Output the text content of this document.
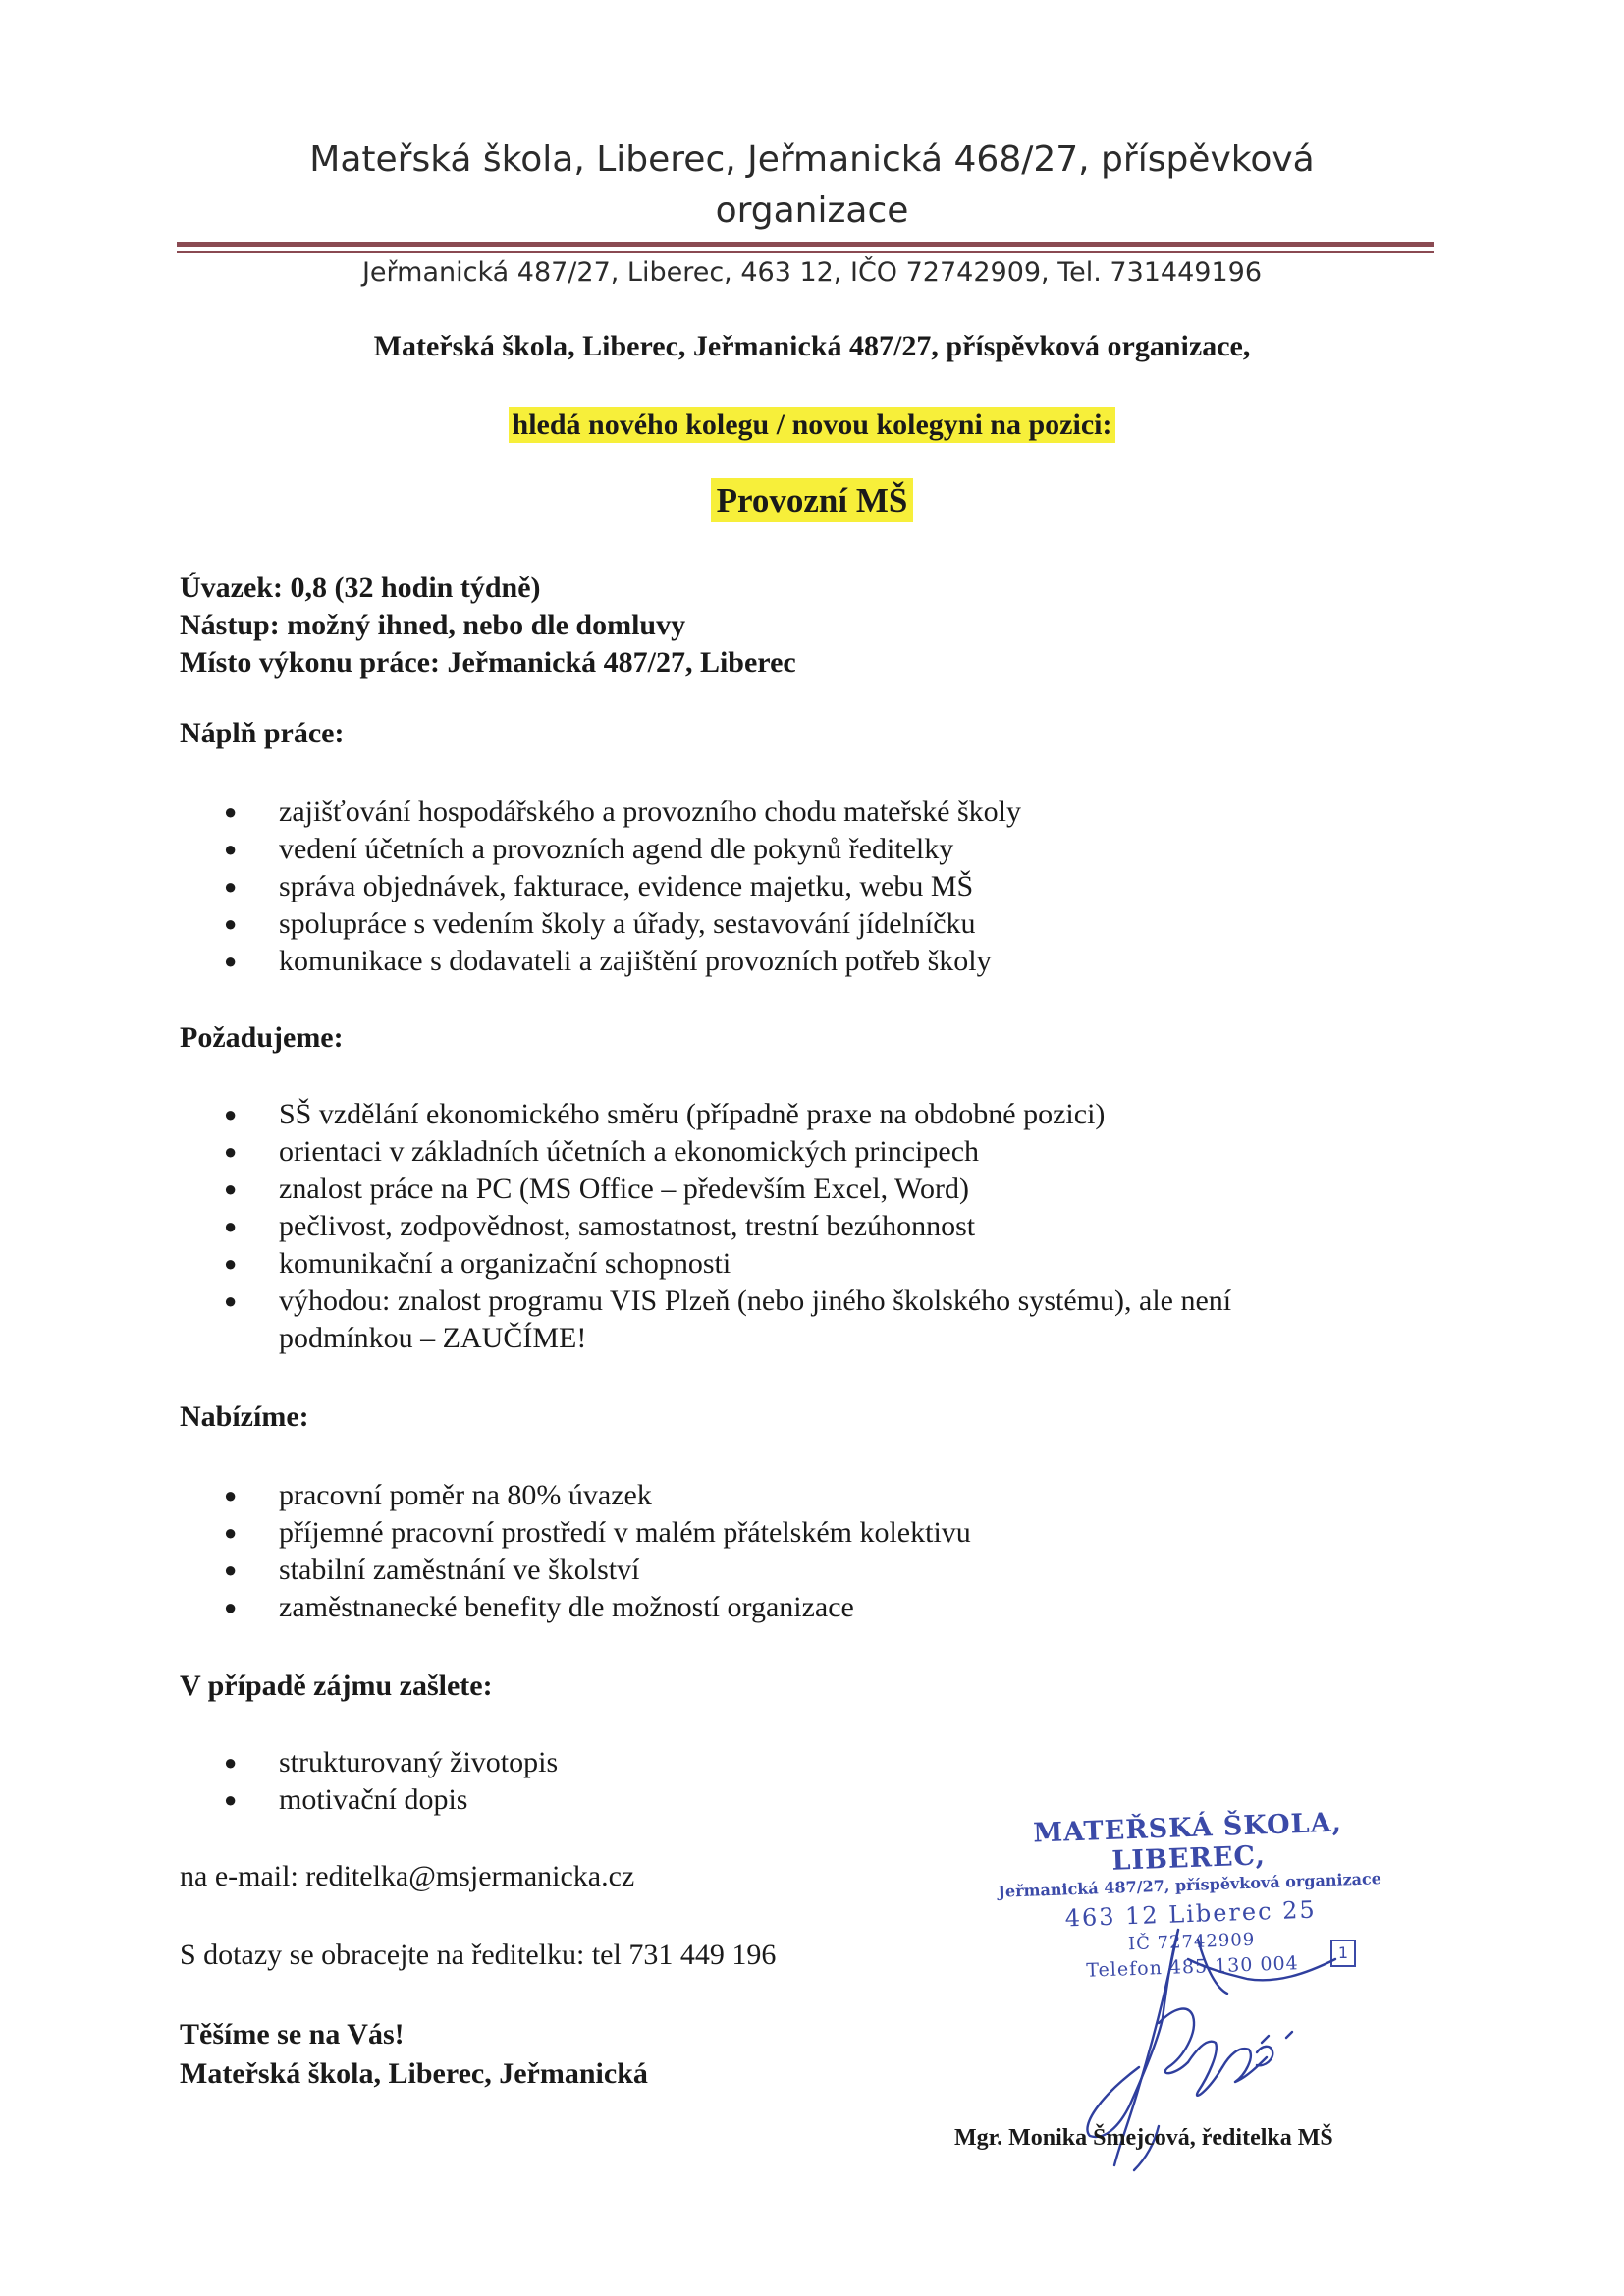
Mateřská škola, Liberec, Jeřmanická 468/27, příspěvková
organizace
Jeřmanická 487/27, Liberec, 463 12, IČO 72742909, Tel. 731449196
Mateřská škola, Liberec, Jeřmanická 487/27, příspěvková organizace,
hledá nového kolegu / novou kolegyni na pozici:
Provozní MŠ
Úvazek: 0,8 (32 hodin týdně)
Nástup: možný ihned, nebo dle domluvy
Místo výkonu práce: Jeřmanická 487/27, Liberec
Náplň práce:
● zajišťování hospodářského a provozního chodu mateřské školy
● vedení účetních a provozních agend dle pokynů ředitelky
● správa objednávek, fakturace, evidence majetku, webu MŠ
● spolupráce s vedením školy a úřady, sestavování jídelníčku
● komunikace s dodavateli a zajištění provozních potřeb školy
Požadujeme:
● SŠ vzdělání ekonomického směru (případně praxe na obdobné pozici)
● orientaci v základních účetních a ekonomických principech
● znalost práce na PC (MS Office – především Excel, Word)
● pečlivost, zodpovědnost, samostatnost, trestní bezúhonnost
● komunikační a organizační schopnosti
● výhodou: znalost programu VIS Plzeň (nebo jiného školského systému), ale není podmínkou – ZAUČÍME!
Nabízíme:
● pracovní poměr na 80% úvazek
● příjemné pracovní prostředí v malém přátelském kolektivu
● stabilní zaměstnání ve školství
● zaměstnanecké benefity dle možností organizace
V případě zájmu zašlete:
● strukturovaný životopis
● motivační dopis
na e-mail: reditelka@msjermanicka.cz
S dotazy se obracejte na ředitelku: tel 731 449 196
Těšíme se na Vás!
Mateřská škola, Liberec, Jeřmanická
MATEŘSKÁ ŠKOLA, LIBEREC,
Jeřmanická 487/27, příspěvková organizace
463 12 Liberec 25
IČ 72742909
Telefon 485 130 004	1
Mgr. Monika Šmejcová, ředitelka MŠ
